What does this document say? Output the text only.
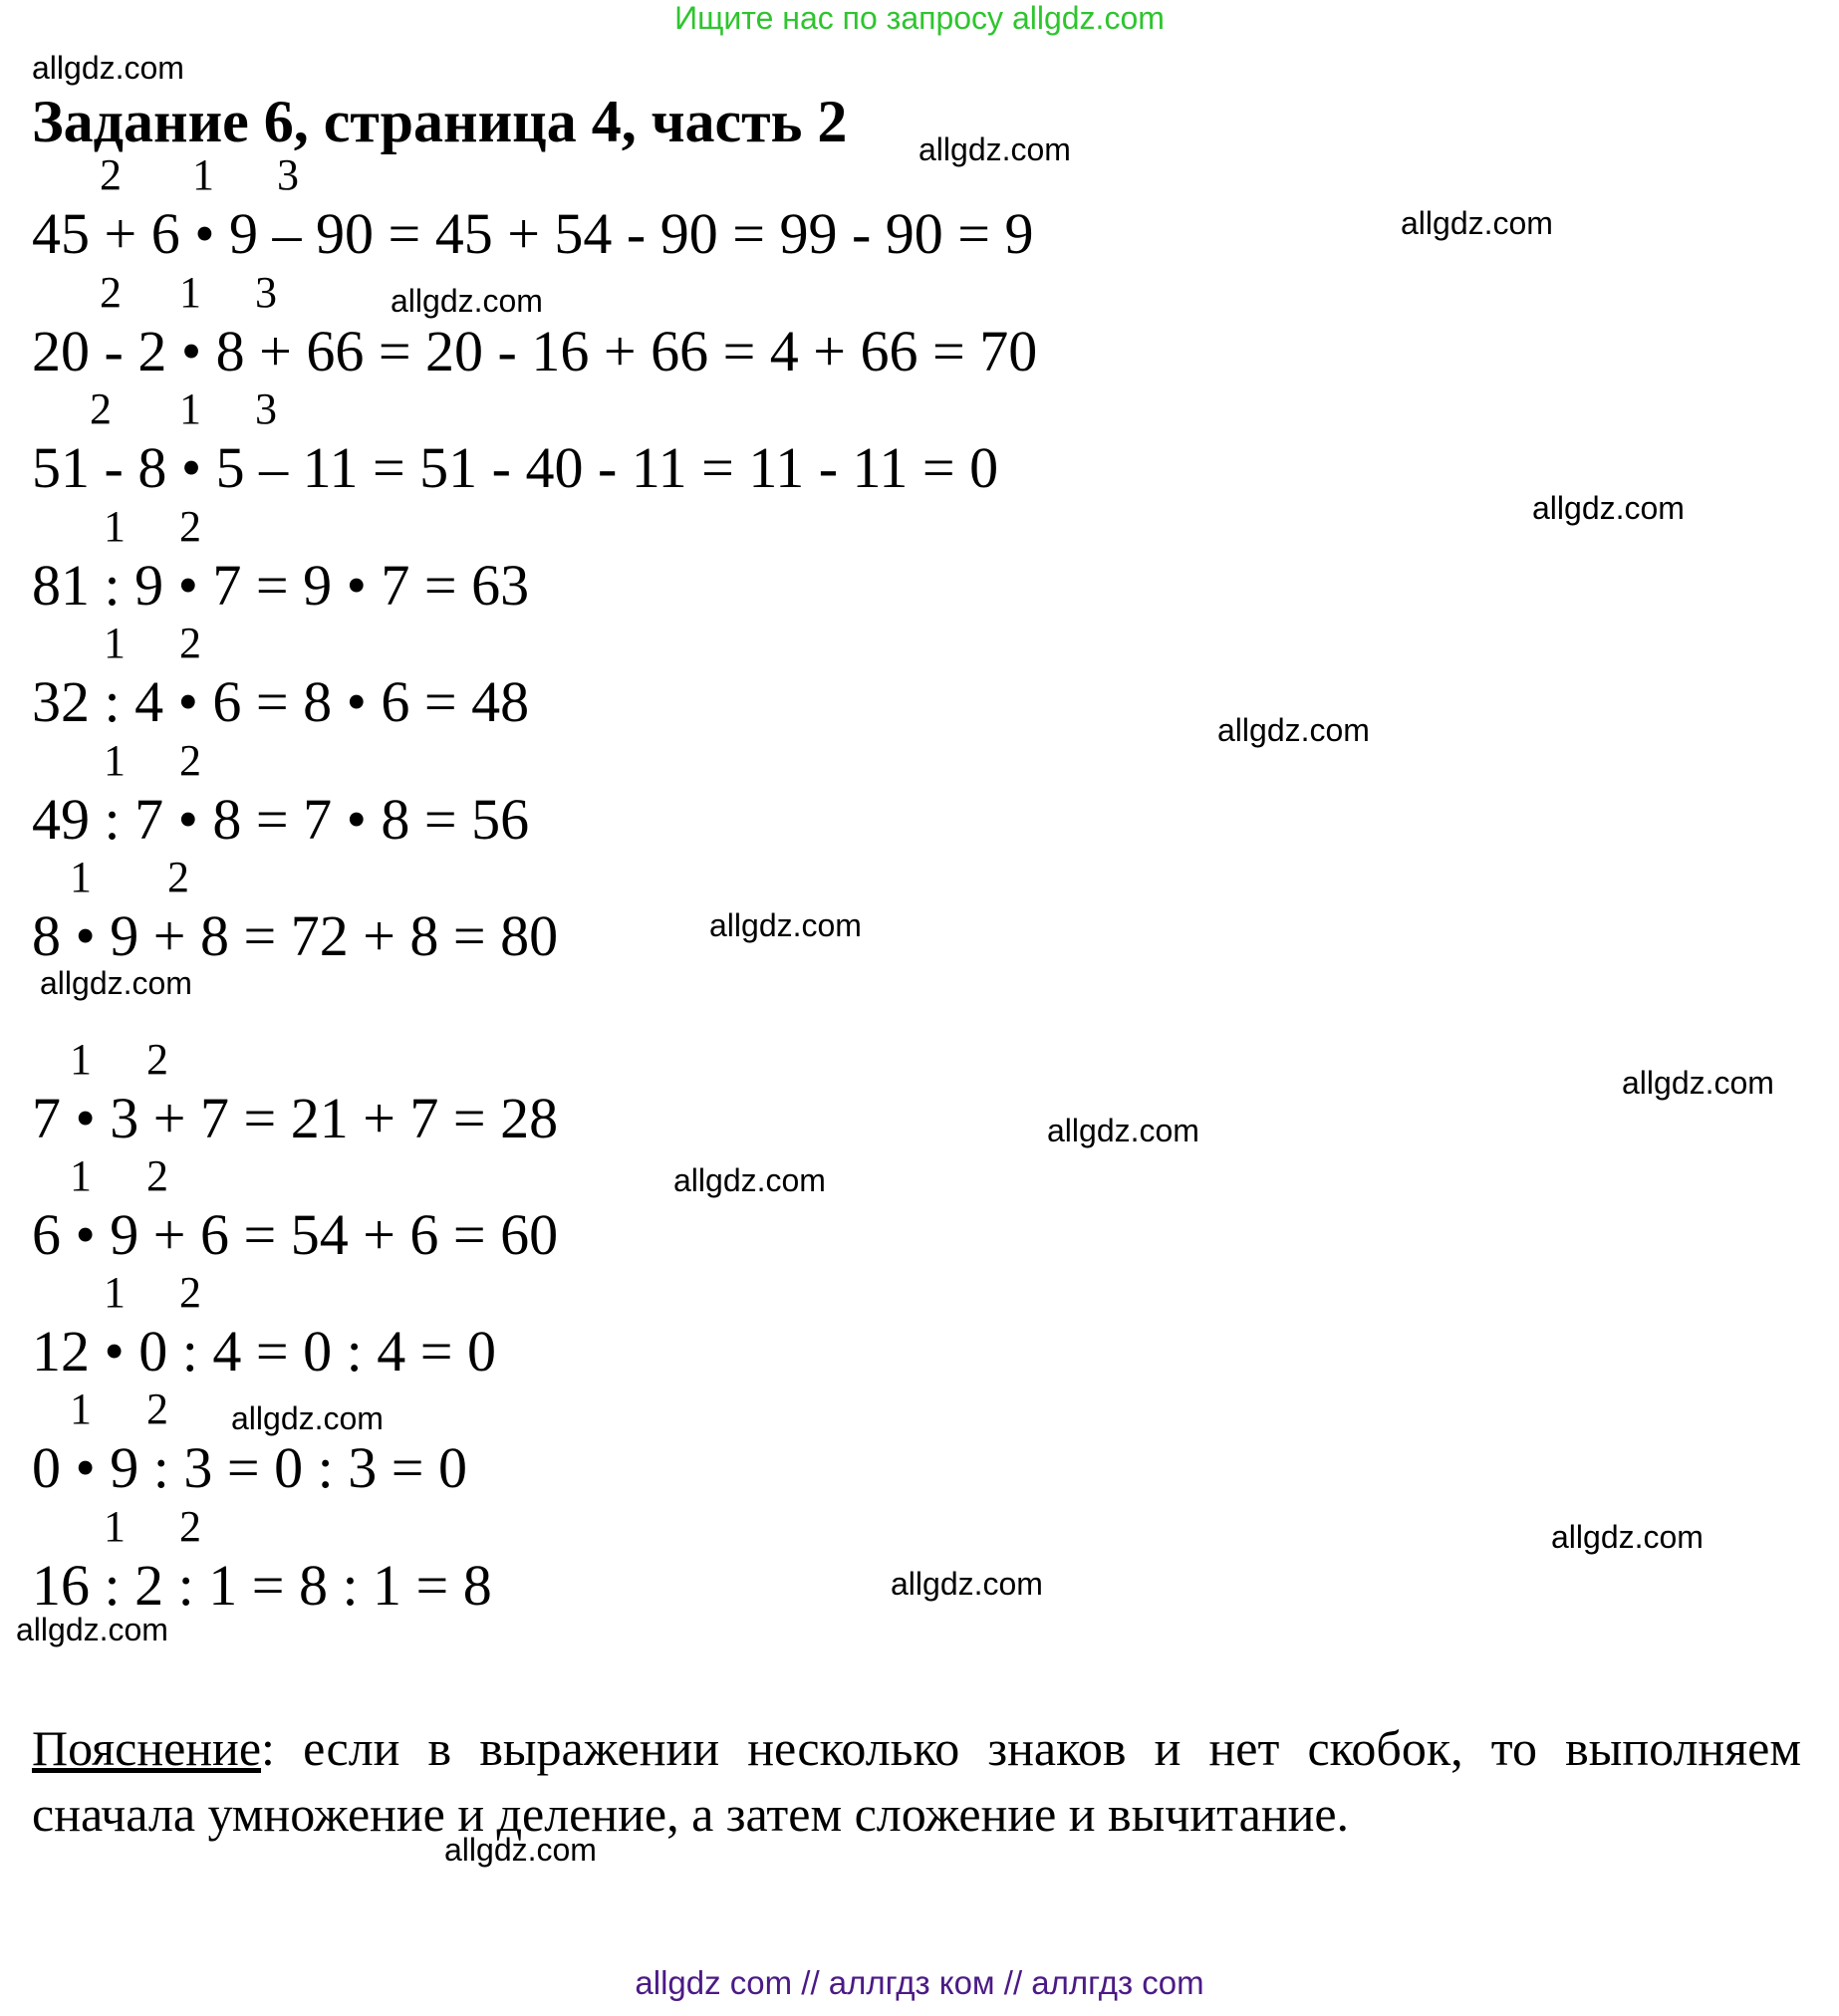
Ищите нас по запросу allgdz.com
Задание 6, страница 4, часть 2
allgdz.com
allgdz.com
allgdz.com
allgdz.com
allgdz.com
allgdz.com
allgdz.com
allgdz.com
allgdz.com
allgdz.com
allgdz.com
allgdz.com
allgdz.com
allgdz.com
allgdz.com
allgdz.com
2 1 3
45 + 6 • 9 – 90 = 45 + 54 - 90 = 99 - 90 = 9
2 1 3
20 - 2 • 8 + 66 = 20 - 16 + 66 = 4 + 66 = 70
2 1 3
51 - 8 • 5 – 11 = 51 - 40 - 11 = 11 - 11 = 0
1 2
81 : 9 • 7 = 9 • 7 = 63
1 2
32 : 4 • 6 = 8 • 6 = 48
1 2
49 : 7 • 8 = 7 • 8 = 56
1 2
8 • 9 + 8 = 72 + 8 = 80
1 2
7 • 3 + 7 = 21 + 7 = 28
1 2
6 • 9 + 6 = 54 + 6 = 60
1 2
12 • 0 : 4 = 0 : 4 = 0
1 2
0 • 9 : 3 = 0 : 3 = 0
1 2
16 : 2 : 1 = 8 : 1 = 8
Пояснение: если в выражении несколько знаков и нет скобок, то выполняем сначала умножение и деление, а затем сложение и вычитание.
allgdz com // аллгдз ком // аллгдз com
